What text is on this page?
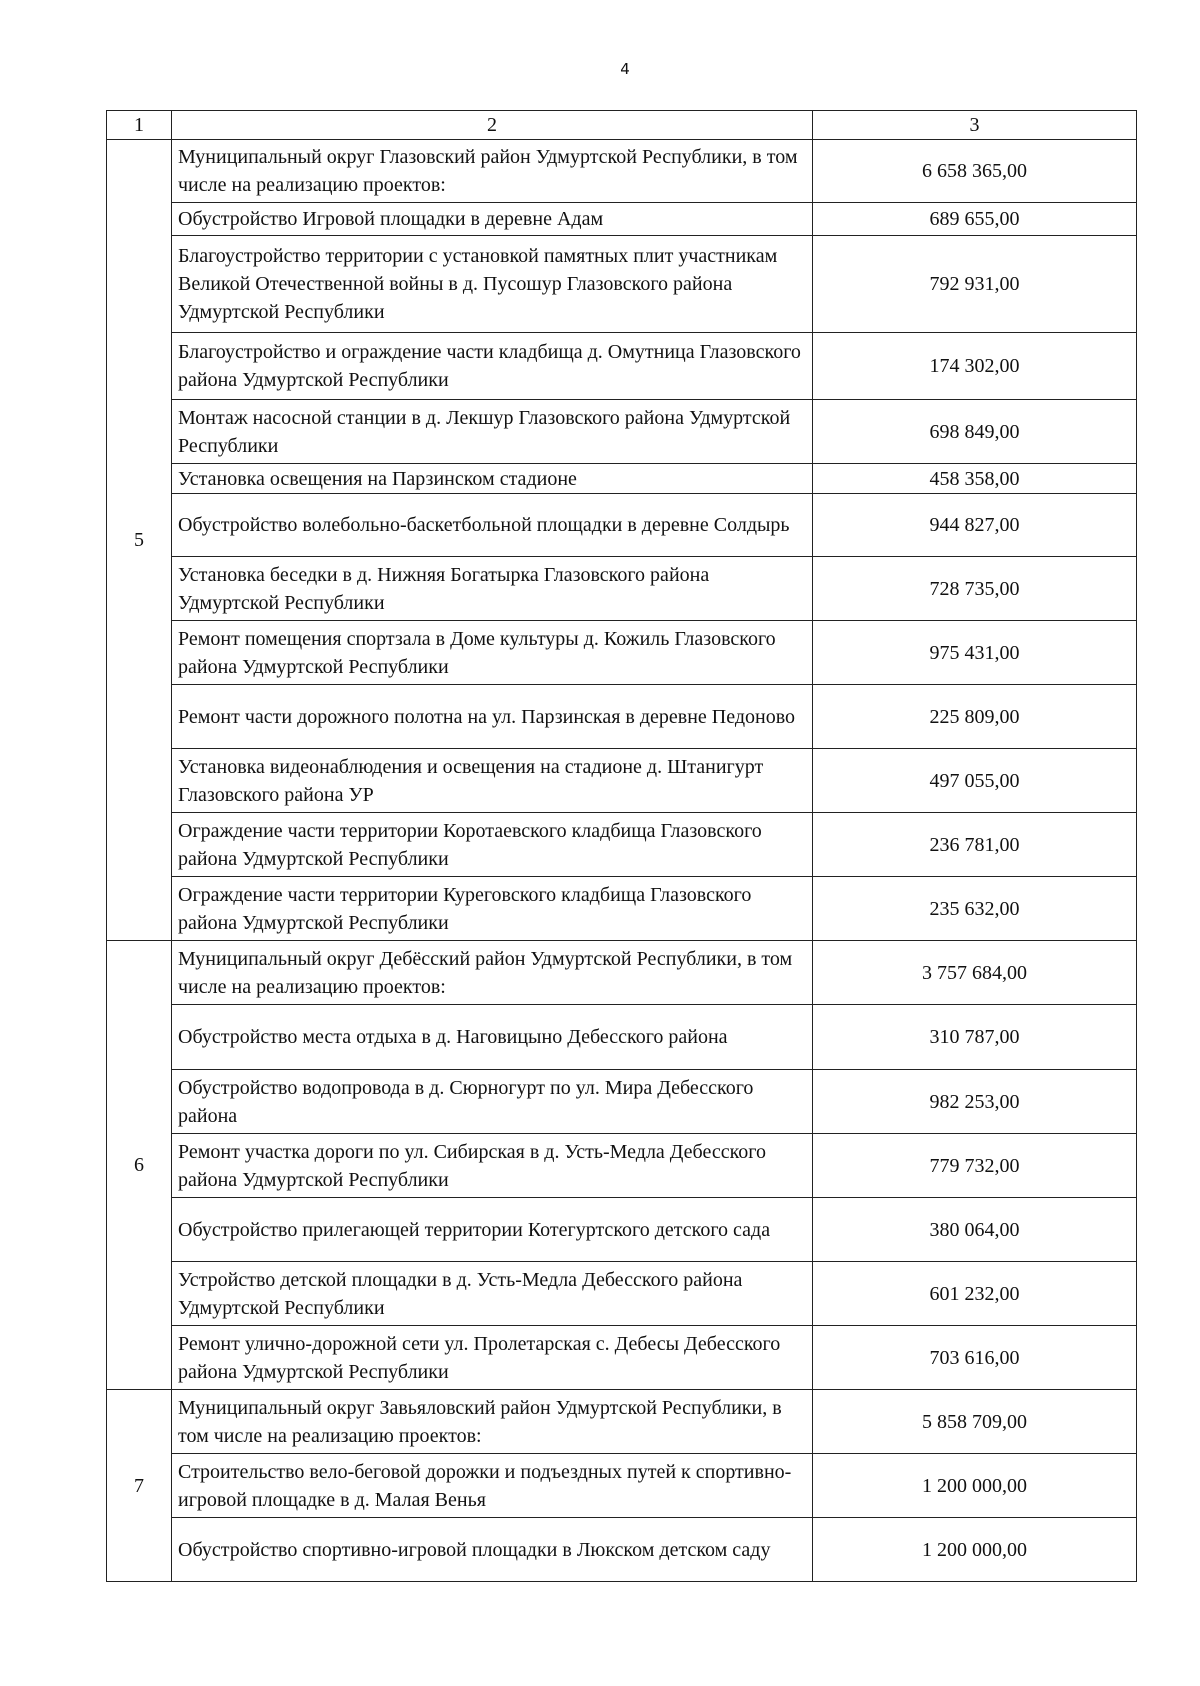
4
1	2	3
5	Муниципальный округ Глазовский район Удмуртской Республики, в том числе на реализацию проектов:	6 658 365,00
	Обустройство Игровой площадки в деревне Адам	689 655,00
	Благоустройство территории с установкой памятных плит участникам Великой Отечественной войны в д. Пусошур Глазовского района Удмуртской Республики	792 931,00
	Благоустройство и ограждение части кладбища д. Омутница Глазовского района Удмуртской Республики	174 302,00
	Монтаж насосной станции в д. Лекшур Глазовского района Удмуртской Республики	698 849,00
	Установка освещения на Парзинском стадионе	458 358,00
	Обустройство волебольно-баскетбольной площадки в деревне Солдырь	944 827,00
	Установка беседки в д. Нижняя Богатырка Глазовского района Удмуртской Республики	728 735,00
	Ремонт помещения спортзала в Доме культуры д. Кожиль Глазовского района Удмуртской Республики	975 431,00
	Ремонт части дорожного полотна на ул. Парзинская в деревне Педоново	225 809,00
	Установка видеонаблюдения и освещения на стадионе д. Штанигурт Глазовского района УР	497 055,00
	Ограждение части территории Коротаевского кладбища Глазовского района Удмуртской Республики	236 781,00
	Ограждение части территории Куреговского кладбища Глазовского района Удмуртской Республики	235 632,00
6	Муниципальный округ Дебёсский район Удмуртской Республики, в том числе на реализацию проектов:	3 757 684,00
	Обустройство места отдыха в д. Наговицыно Дебесского района	310 787,00
	Обустройство водопровода в д. Сюрногурт по ул. Мира Дебесского района	982 253,00
	Ремонт участка дороги по ул. Сибирская в д. Усть-Медла Дебесского района Удмуртской Республики	779 732,00
	Обустройство прилегающей территории Котегуртского детского сада	380 064,00
	Устройство детской площадки в д. Усть-Медла Дебесского района Удмуртской Республики	601 232,00
	Ремонт улично-дорожной сети ул. Пролетарская с. Дебесы Дебесского района Удмуртской Республики	703 616,00
7	Муниципальный округ Завьяловский район Удмуртской Республики, в том числе на реализацию проектов:	5 858 709,00
	Строительство вело-беговой дорожки и подъездных путей к спортивно-игровой площадке в д. Малая Венья	1 200 000,00
	Обустройство спортивно-игровой площадки в Люкском детском саду	1 200 000,00
